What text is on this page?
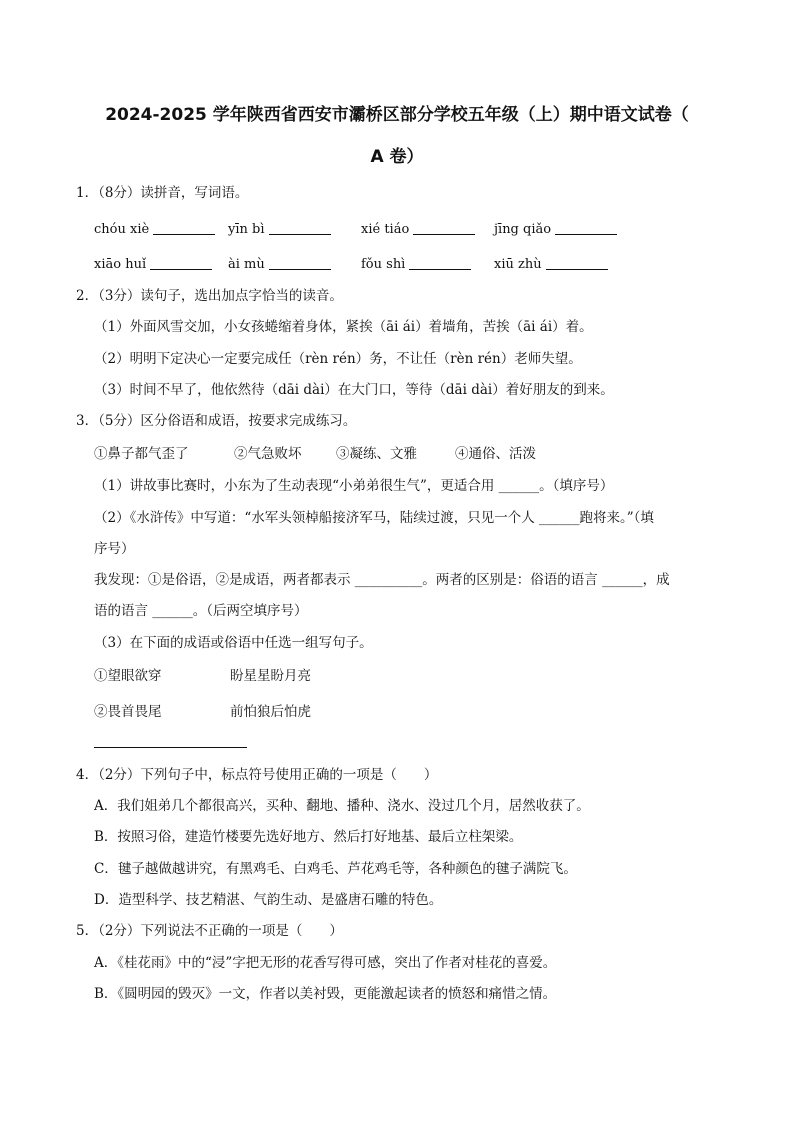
2024-2025 学年陕西省西安市灞桥区部分学校五年级（上）期中语文试卷（
A 卷）
1．（8分）读拼音，写词语。
chóu xiè	yīn bì	xié tiáo	jīng qiǎo
xiāo huǐ	ài mù	fǒu shì	xiū zhù
2．（3分）读句子，选出加点字恰当的读音。
（1）外面风雪交加，小女孩蜷缩着身体，紧挨（āi ái）着墙角，苦挨（āi ái）着。
（2）明明下定决心一定要完成任（rèn rén）务，不让任（rèn rén）老师失望。
（3）时间不早了，他依然待（dāi dài）在大门口，等待（dāi dài）着好朋友的到来。
3．（5分）区分俗语和成语，按要求完成练习。
①鼻子都气歪了	②气急败坏	③凝练、文雅	④通俗、活泼
（1）讲故事比赛时，小东为了生动表现“小弟弟很生气”，更适合用 ______。（填序号）
（2）《水浒传》中写道：“水军头领棹船接济军马，陆续过渡，只见一个人 ______跑将来。”（填
序号）
我发现：①是俗语，②是成语，两者都表示 __________。两者的区别是：俗语的语言 ______，成
语的语言 ______。（后两空填序号）
（3）在下面的成语或俗语中任选一组写句子。
①望眼欲穿	盼星星盼月亮
②畏首畏尾	前怕狼后怕虎
4．（2分）下列句子中，标点符号使用正确的一项是（　　）
A．我们姐弟几个都很高兴，买种、翻地、播种、浇水、没过几个月，居然收获了。
B．按照习俗，建造竹楼要先选好地方、然后打好地基、最后立柱架梁。
C．毽子越做越讲究，有黑鸡毛、白鸡毛、芦花鸡毛等，各种颜色的毽子满院飞。
D．造型科学、技艺精湛、气韵生动、是盛唐石雕的特色。
5．（2分）下列说法不正确的一项是（　　）
A．《桂花雨》中的“浸”字把无形的花香写得可感，突出了作者对桂花的喜爱。
B．《圆明园的毁灭》一文，作者以美衬毁，更能激起读者的愤怒和痛惜之情。
